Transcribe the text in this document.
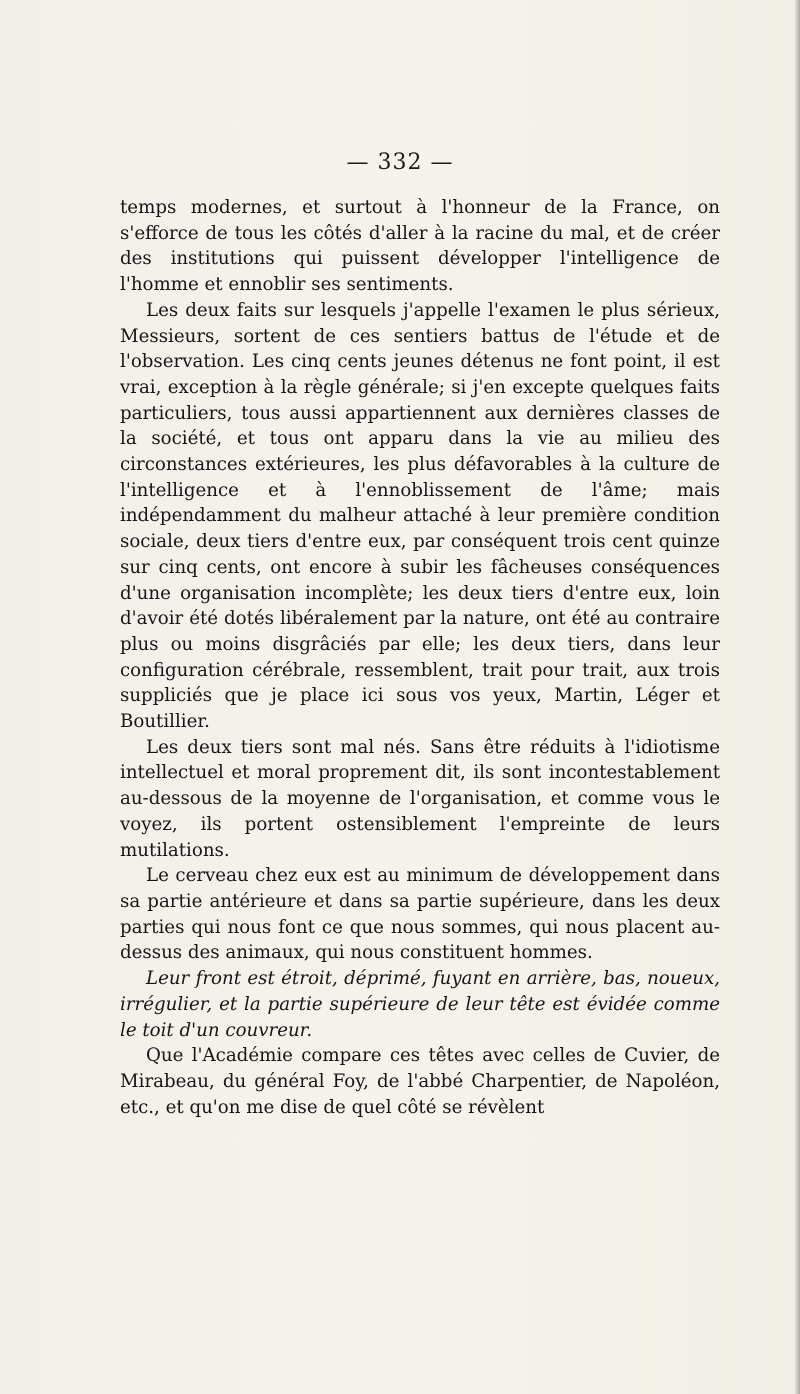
— 332 —

temps modernes, et surtout à l'honneur de la France, on s'efforce de tous les côtés d'aller à la racine du mal, et de créer des institutions qui puissent développer l'intelligence de l'homme et ennoblir ses sentiments.

Les deux faits sur lesquels j'appelle l'examen le plus sérieux, Messieurs, sortent de ces sentiers battus de l'étude et de l'observation. Les cinq cents jeunes détenus ne font point, il est vrai, exception à la règle générale; si j'en excepte quelques faits particuliers, tous aussi appartiennent aux dernières classes de la société, et tous ont apparu dans la vie au milieu des circonstances extérieures, les plus défavorables à la culture de l'intelligence et à l'ennoblissement de l'âme; mais indépendamment du malheur attaché à leur première condition sociale, deux tiers d'entre eux, par conséquent trois cent quinze sur cinq cents, ont encore à subir les fâcheuses conséquences d'une organisation incomplète; les deux tiers d'entre eux, loin d'avoir été dotés libéralement par la nature, ont été au contraire plus ou moins disgrâciés par elle; les deux tiers, dans leur configuration cérébrale, ressemblent, trait pour trait, aux trois suppliciés que je place ici sous vos yeux, Martin, Léger et Boutillier.

Les deux tiers sont mal nés. Sans être réduits à l'idiotisme intellectuel et moral proprement dit, ils sont incontestablement au-dessous de la moyenne de l'organisation, et comme vous le voyez, ils portent ostensiblement l'empreinte de leurs mutilations.

Le cerveau chez eux est au minimum de développement dans sa partie antérieure et dans sa partie supérieure, dans les deux parties qui nous font ce que nous sommes, qui nous placent au-dessus des animaux, qui nous constituent hommes.

Leur front est étroit, déprimé, fuyant en arrière, bas, noueux, irrégulier, et la partie supérieure de leur tête est évidée comme le toit d'un couvreur.

Que l'Académie compare ces têtes avec celles de Cuvier, de Mirabeau, du général Foy, de l'abbé Charpentier, de Napoléon, etc., et qu'on me dise de quel côté se révèlent
